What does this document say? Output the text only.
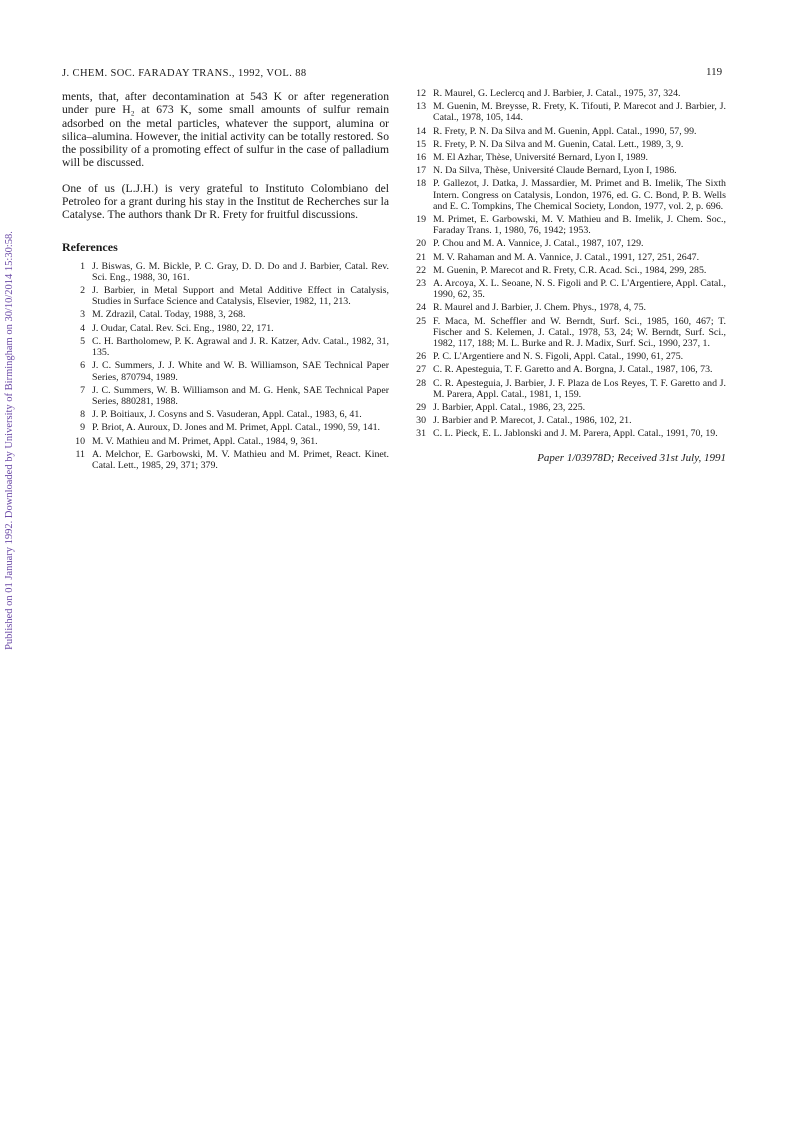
Published on 01 January 1992. Downloaded by University of Birmingham on 30/10/2014 15:30:58.
J. CHEM. SOC. FARADAY TRANS., 1992, VOL. 88	119

ments, that, after decontamination at 543 K or after regeneration under pure H₂ at 673 K, some small amounts of sulfur remain adsorbed on the metal particles, whatever the support, alumina or silica–alumina. However, the initial activity can be totally restored. So the possibility of a promoting effect of sulfur in the case of palladium will be discussed.

One of us (L.J.H.) is very grateful to Instituto Colombiano del Petroleo for a grant during his stay in the Institut de Recherches sur la Catalyse. The authors thank Dr R. Frety for fruitful discussions.

References
1 J. Biswas, G. M. Bickle, P. C. Gray, D. D. Do and J. Barbier, Catal. Rev. Sci. Eng., 1988, 30, 161.
2 J. Barbier, in Metal Support and Metal Additive Effect in Catalysis, Studies in Surface Science and Catalysis, Elsevier, 1982, 11, 213.
3 M. Zdrazil, Catal. Today, 1988, 3, 268.
4 J. Oudar, Catal. Rev. Sci. Eng., 1980, 22, 171.
5 C. H. Bartholomew, P. K. Agrawal and J. R. Katzer, Adv. Catal., 1982, 31, 135.
6 J. C. Summers, J. J. White and W. B. Williamson, SAE Technical Paper Series, 870794, 1989.
7 J. C. Summers, W. B. Williamson and M. G. Henk, SAE Technical Paper Series, 880281, 1988.
8 J. P. Boitiaux, J. Cosyns and S. Vasuderan, Appl. Catal., 1983, 6, 41.
9 P. Briot, A. Auroux, D. Jones and M. Primet, Appl. Catal., 1990, 59, 141.
10 M. V. Mathieu and M. Primet, Appl. Catal., 1984, 9, 361.
11 A. Melchor, E. Garbowski, M. V. Mathieu and M. Primet, React. Kinet. Catal. Lett., 1985, 29, 371; 379.
12 R. Maurel, G. Leclercq and J. Barbier, J. Catal., 1975, 37, 324.
13 M. Guenin, M. Breysse, R. Frety, K. Tifouti, P. Marecot and J. Barbier, J. Catal., 1978, 105, 144.
14 R. Frety, P. N. Da Silva and M. Guenin, Appl. Catal., 1990, 57, 99.
15 R. Frety, P. N. Da Silva and M. Guenin, Catal. Lett., 1989, 3, 9.
16 M. El Azhar, Thèse, Université Bernard, Lyon I, 1989.
17 N. Da Silva, Thèse, Université Claude Bernard, Lyon I, 1986.
18 P. Gallezot, J. Datka, J. Massardier, M. Primet and B. Imelik, The Sixth Intern. Congress on Catalysis, London, 1976, ed. G. C. Bond, P. B. Wells and E. C. Tompkins, The Chemical Society, London, 1977, vol. 2, p. 696.
19 M. Primet, E. Garbowski, M. V. Mathieu and B. Imelik, J. Chem. Soc., Faraday Trans. 1, 1980, 76, 1942; 1953.
20 P. Chou and M. A. Vannice, J. Catal., 1987, 107, 129.
21 M. V. Rahaman and M. A. Vannice, J. Catal., 1991, 127, 251, 2647.
22 M. Guenin, P. Marecot and R. Frety, C.R. Acad. Sci., 1984, 299, 285.
23 A. Arcoya, X. L. Seoane, N. S. Figoli and P. C. L'Argentiere, Appl. Catal., 1990, 62, 35.
24 R. Maurel and J. Barbier, J. Chem. Phys., 1978, 4, 75.
25 F. Maca, M. Scheffler and W. Berndt, Surf. Sci., 1985, 160, 467; T. Fischer and S. Kelemen, J. Catal., 1978, 53, 24; W. Berndt, Surf. Sci., 1982, 117, 188; M. L. Burke and R. J. Madix, Surf. Sci., 1990, 237, 1.
26 P. C. L'Argentiere and N. S. Figoli, Appl. Catal., 1990, 61, 275.
27 C. R. Apesteguia, T. F. Garetto and A. Borgna, J. Catal., 1987, 106, 73.
28 C. R. Apesteguia, J. Barbier, J. F. Plaza de Los Reyes, T. F. Garetto and J. M. Parera, Appl. Catal., 1981, 1, 159.
29 J. Barbier, Appl. Catal., 1986, 23, 225.
30 J. Barbier and P. Marecot, J. Catal., 1986, 102, 21.
31 C. L. Pieck, E. L. Jablonski and J. M. Parera, Appl. Catal., 1991, 70, 19.
Paper 1/03978D; Received 31st July, 1991
